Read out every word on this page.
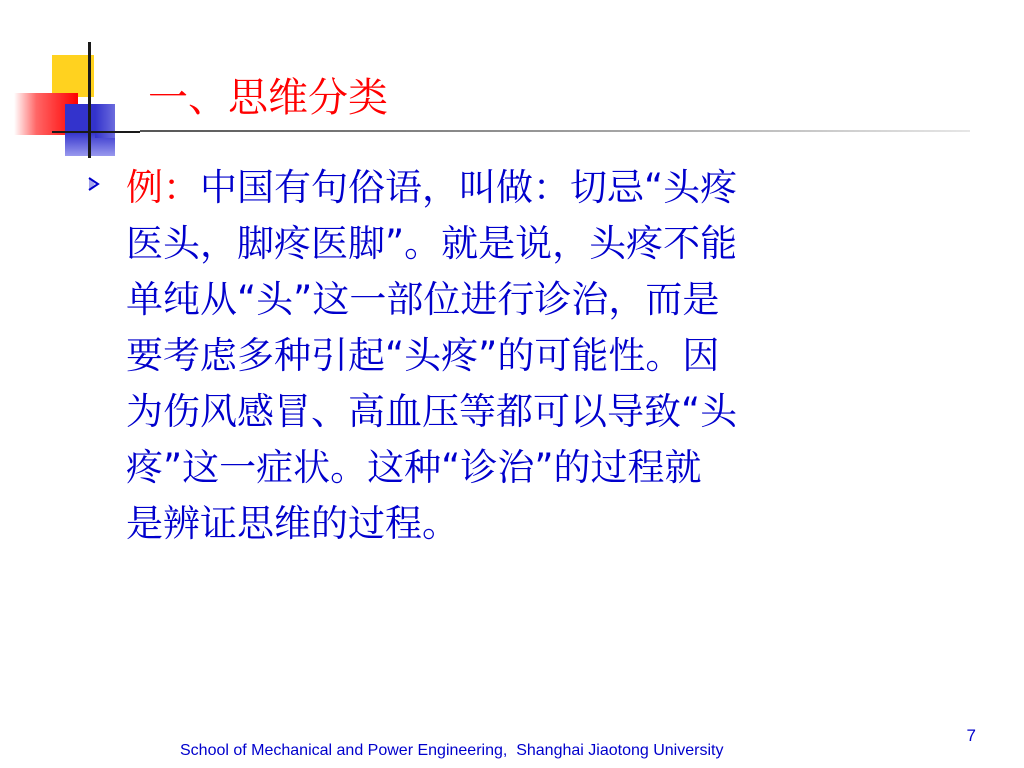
一、思维分类
例：中国有句俗语，叫做：切忌“头疼
医头，脚疼医脚”。就是说，头疼不能
单纯从“头”这一部位进行诊治，而是
要考虑多种引起“头疼”的可能性。因
为伤风感冒、高血压等都可以导致“头
疼”这一症状。这种“诊治”的过程就
是辨证思维的过程。
7
School of Mechanical and Power Engineering,  Shanghai Jiaotong University
